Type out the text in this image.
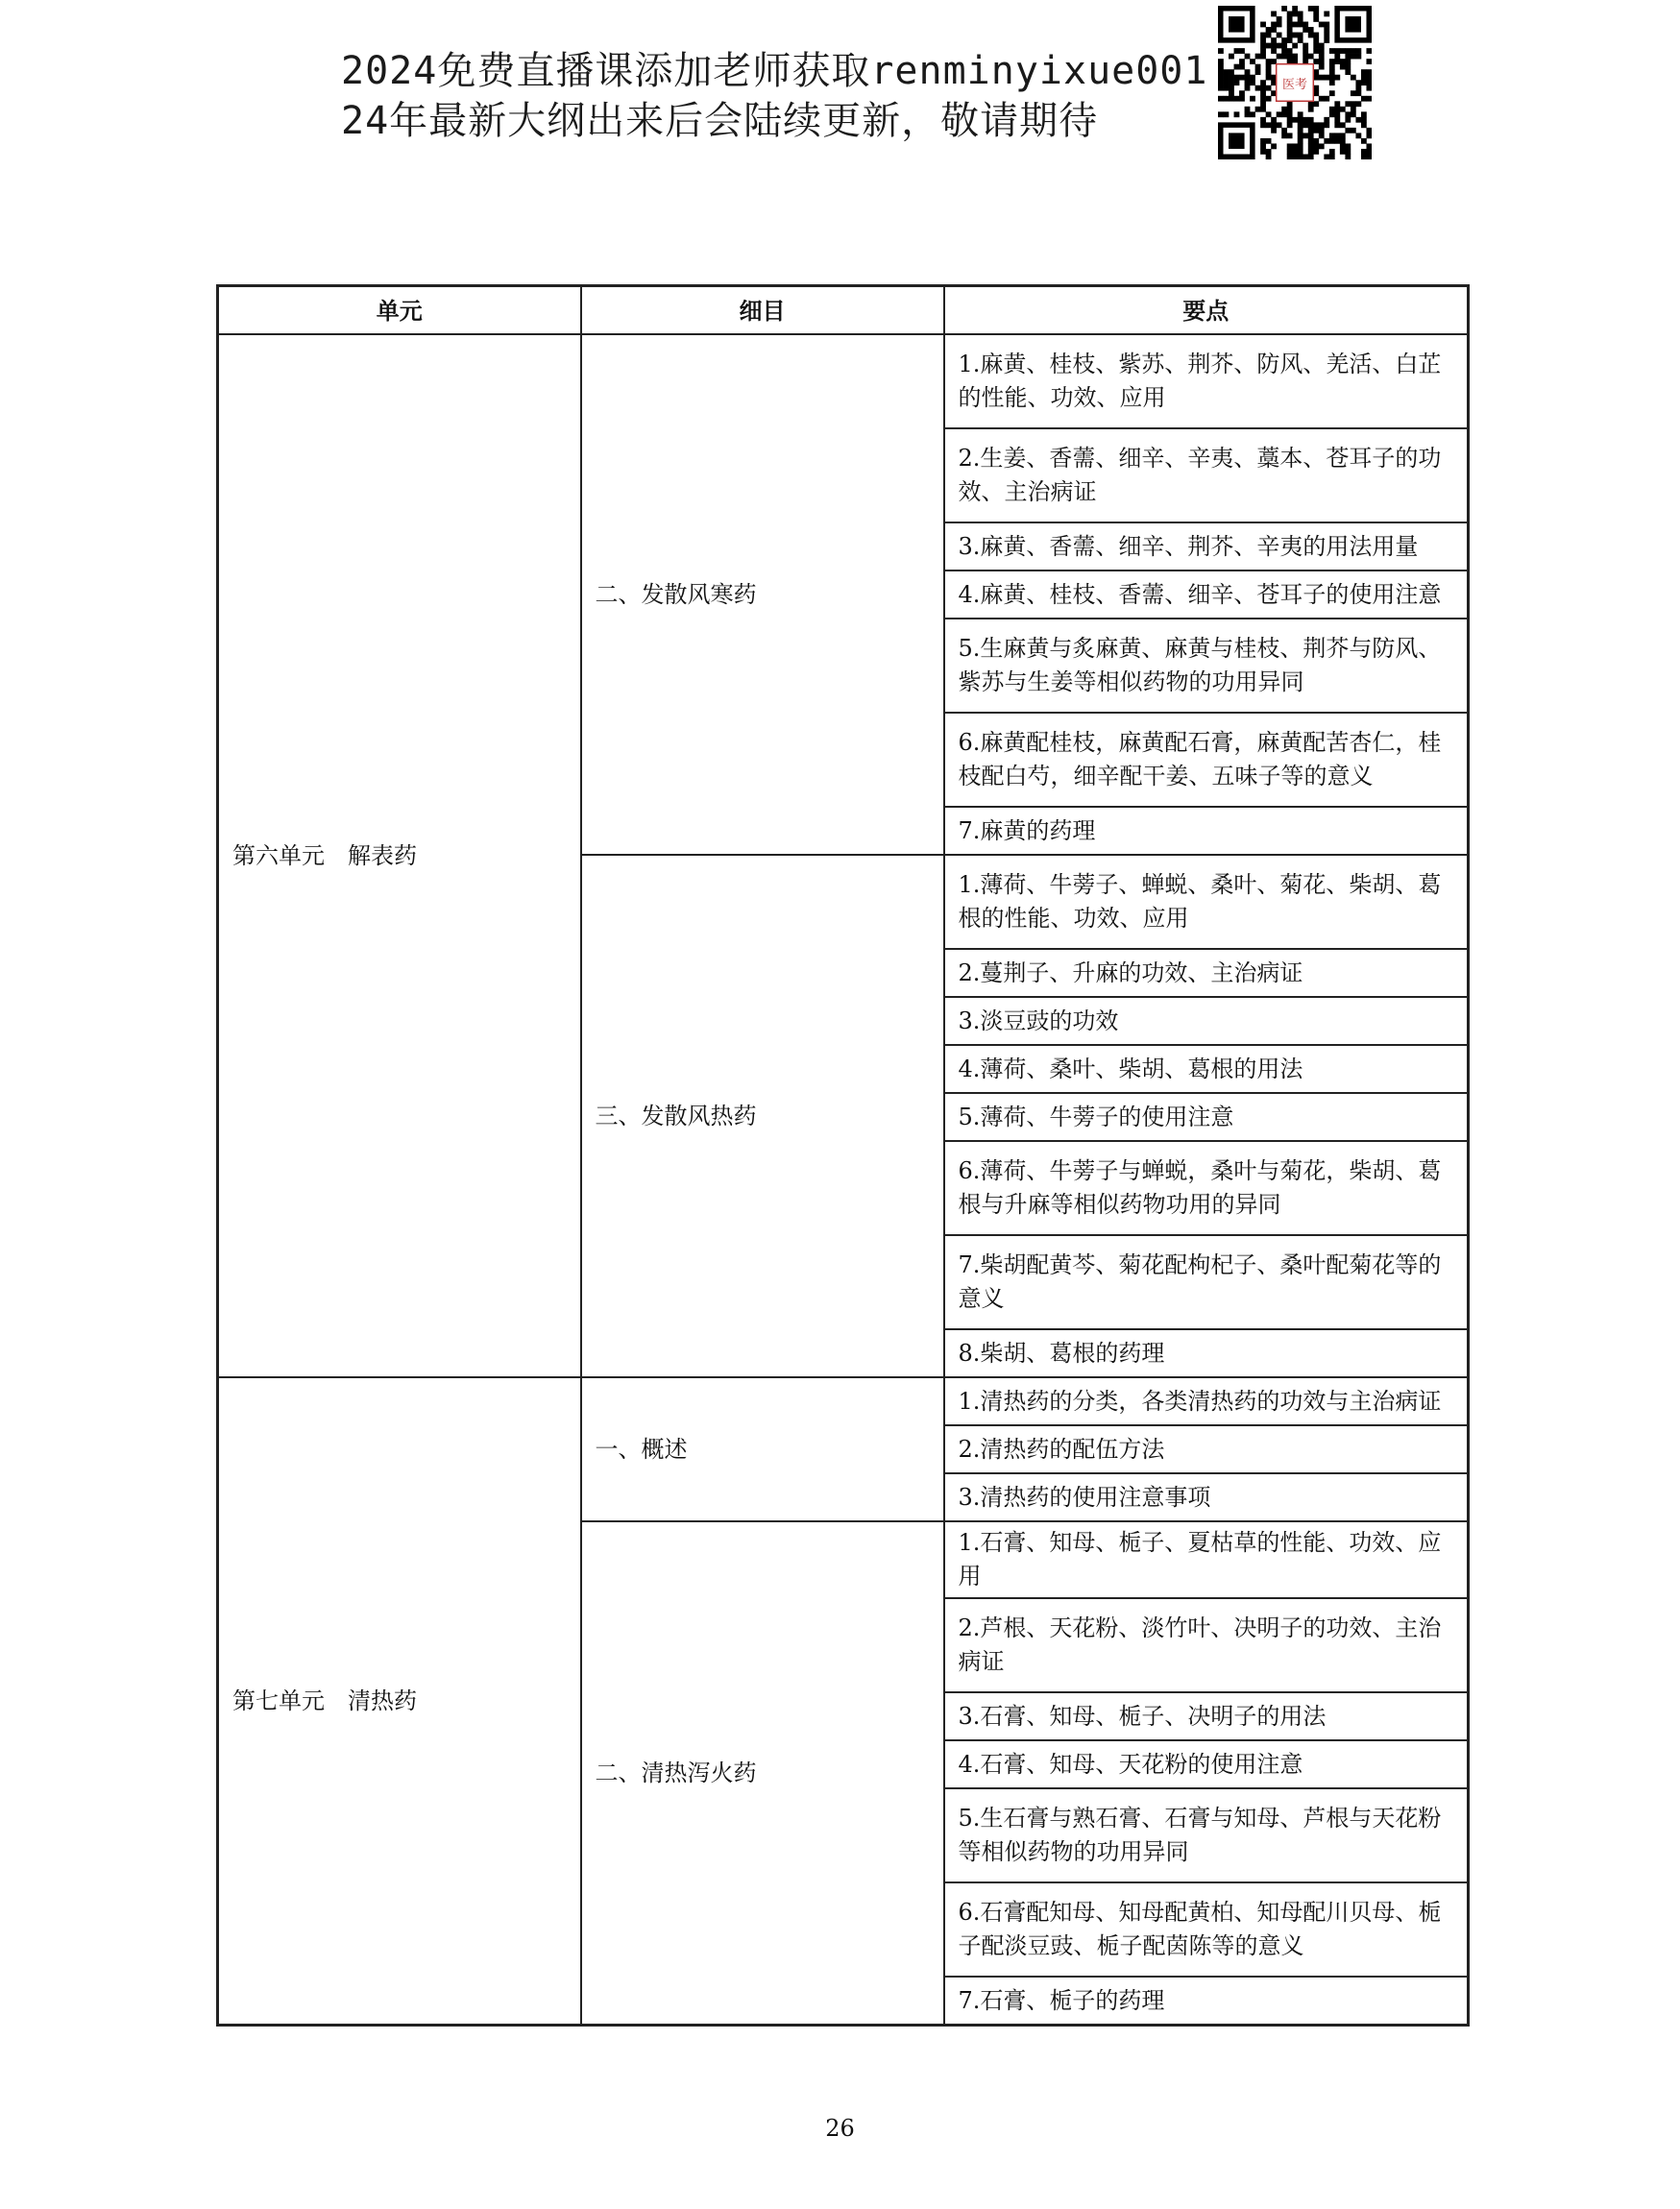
2024免费直播课添加老师获取renminyixue001
24年最新大纲出来后会陆续更新，敬请期待
医考
单元	细目	要点
第六单元　解表药	二、发散风寒药	1.麻黄、桂枝、紫苏、荆芥、防风、羌活、白芷的性能、功效、应用
		2.生姜、香薷、细辛、辛夷、藁本、苍耳子的功效、主治病证
		3.麻黄、香薷、细辛、荆芥、辛夷的用法用量
		4.麻黄、桂枝、香薷、细辛、苍耳子的使用注意
		5.生麻黄与炙麻黄、麻黄与桂枝、荆芥与防风、紫苏与生姜等相似药物的功用异同
		6.麻黄配桂枝，麻黄配石膏，麻黄配苦杏仁，桂枝配白芍，细辛配干姜、五味子等的意义
		7.麻黄的药理
	三、发散风热药	1.薄荷、牛蒡子、蝉蜕、桑叶、菊花、柴胡、葛根的性能、功效、应用
		2.蔓荆子、升麻的功效、主治病证
		3.淡豆豉的功效
		4.薄荷、桑叶、柴胡、葛根的用法
		5.薄荷、牛蒡子的使用注意
		6.薄荷、牛蒡子与蝉蜕，桑叶与菊花，柴胡、葛根与升麻等相似药物功用的异同
		7.柴胡配黄芩、菊花配枸杞子、桑叶配菊花等的意义
		8.柴胡、葛根的药理
第七单元　清热药	一、概述	1.清热药的分类，各类清热药的功效与主治病证
		2.清热药的配伍方法
		3.清热药的使用注意事项
	二、清热泻火药	1.石膏、知母、栀子、夏枯草的性能、功效、应用
		2.芦根、天花粉、淡竹叶、决明子的功效、主治病证
		3.石膏、知母、栀子、决明子的用法
		4.石膏、知母、天花粉的使用注意
		5.生石膏与熟石膏、石膏与知母、芦根与天花粉等相似药物的功用异同
		6.石膏配知母、知母配黄柏、知母配川贝母、栀子配淡豆豉、栀子配茵陈等的意义
		7.石膏、栀子的药理
26
